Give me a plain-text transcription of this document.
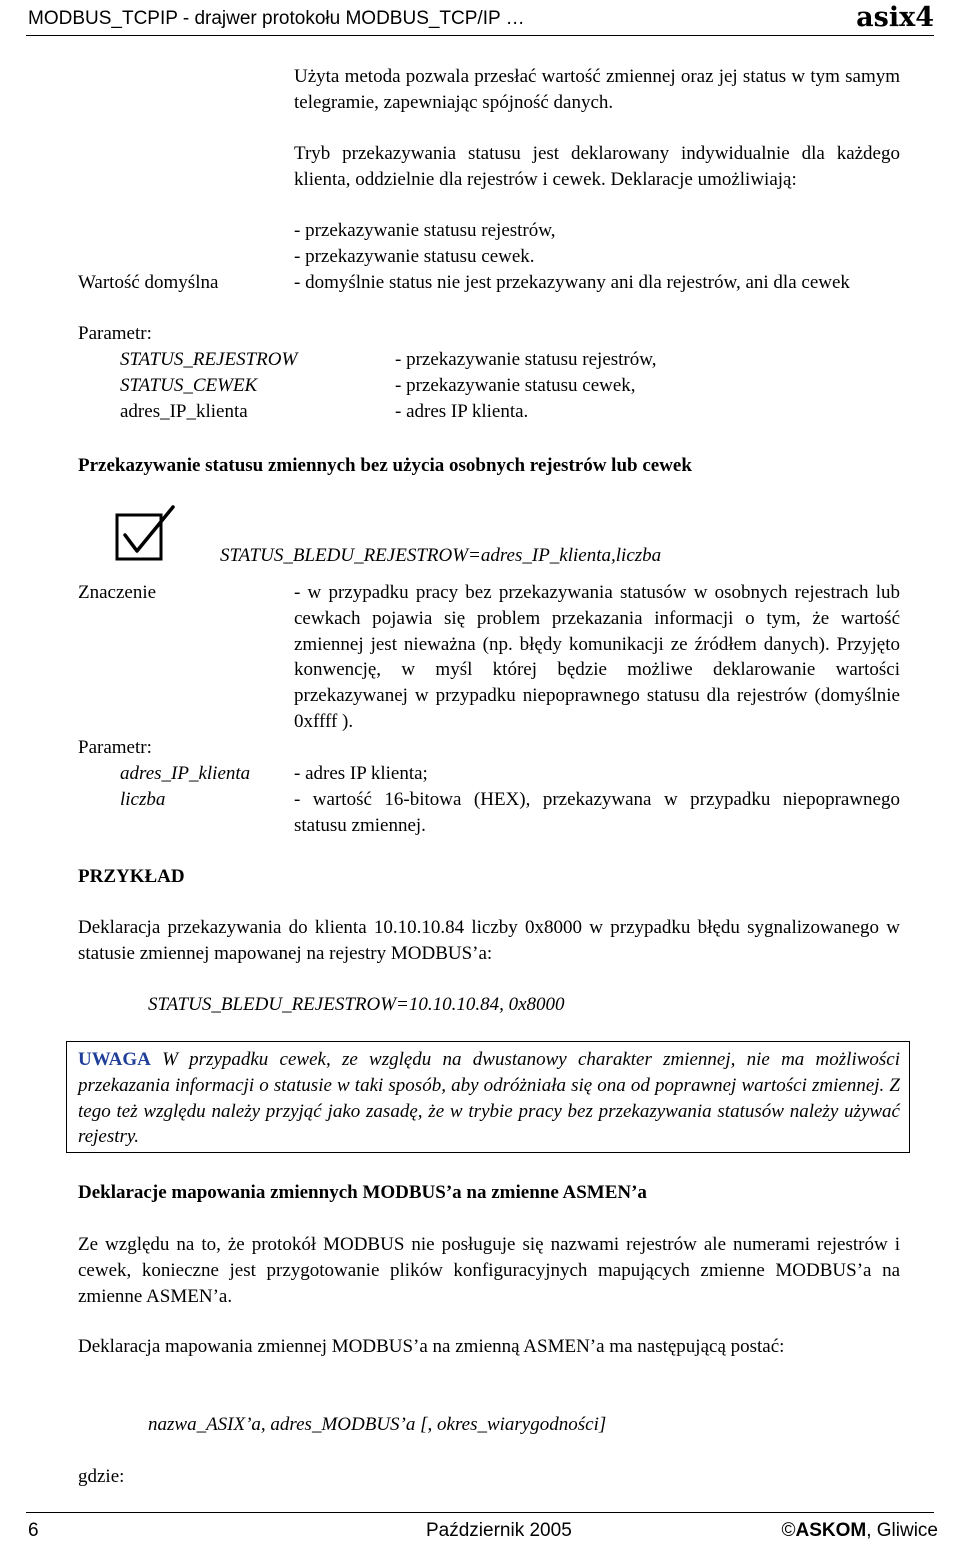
MODBUS_TCPIP - drajwer protokołu MODBUS_TCP/IP …	asix4
Użyta metoda pozwala przesłać wartość zmiennej oraz jej status w tym samym telegramie, zapewniając spójność danych.
Tryb przekazywania statusu jest deklarowany indywidualnie dla każdego klienta, oddzielnie dla rejestrów i cewek. Deklaracje umożliwiają:
- przekazywanie statusu rejestrów,
- przekazywanie statusu cewek.
Wartość domyślna	- domyślnie status nie jest przekazywany ani dla rejestrów, ani dla cewek
Parametr:
STATUS_REJESTROW	- przekazywanie statusu rejestrów,
STATUS_CEWEK	- przekazywanie statusu cewek,
adres_IP_klienta	- adres IP klienta.
Przekazywanie statusu zmiennych bez użycia osobnych rejestrów lub cewek
STATUS_BLEDU_REJESTROW=adres_IP_klienta,liczba
Znaczenie	- w przypadku pracy bez przekazywania statusów w osobnych rejestrach lub cewkach pojawia się problem przekazania informacji o tym, że wartość zmiennej jest nieważna (np. błędy komunikacji ze źródłem danych). Przyjęto konwencję, w myśl której będzie możliwe deklarowanie wartości przekazywanej w przypadku niepoprawnego statusu dla rejestrów (domyślnie 0xffff ).
Parametr:
adres_IP_klienta - adres IP klienta;
liczba	- wartość 16-bitowa (HEX), przekazywana w przypadku niepoprawnego statusu zmiennej.
PRZYKŁAD
Deklaracja przekazywania do klienta 10.10.10.84 liczby 0x8000 w przypadku błędu sygnalizowanego w statusie zmiennej mapowanej na rejestry MODBUS’a:
STATUS_BLEDU_REJESTROW=10.10.10.84, 0x8000
UWAGA W przypadku cewek, ze względu na dwustanowy charakter zmiennej, nie ma możliwości przekazania informacji o statusie w taki sposób, aby odróżniała się ona od poprawnej wartości zmiennej. Z tego też względu należy przyjąć jako zasadę, że w trybie pracy bez przekazywania statusów należy używać rejestry.
Deklaracje mapowania zmiennych MODBUS’a na zmienne ASMEN’a
Ze względu na to, że protokół MODBUS nie posługuje się nazwami rejestrów ale numerami rejestrów i cewek, konieczne jest przygotowanie plików konfiguracyjnych mapujących zmienne MODBUS’a na zmienne ASMEN’a.
Deklaracja mapowania zmiennej MODBUS’a na zmienną ASMEN’a ma następującą postać:
nazwa_ASIX’a, adres_MODBUS’a [, okres_wiarygodności]
gdzie:
6	Październik 2005	©ASKOM, Gliwice
